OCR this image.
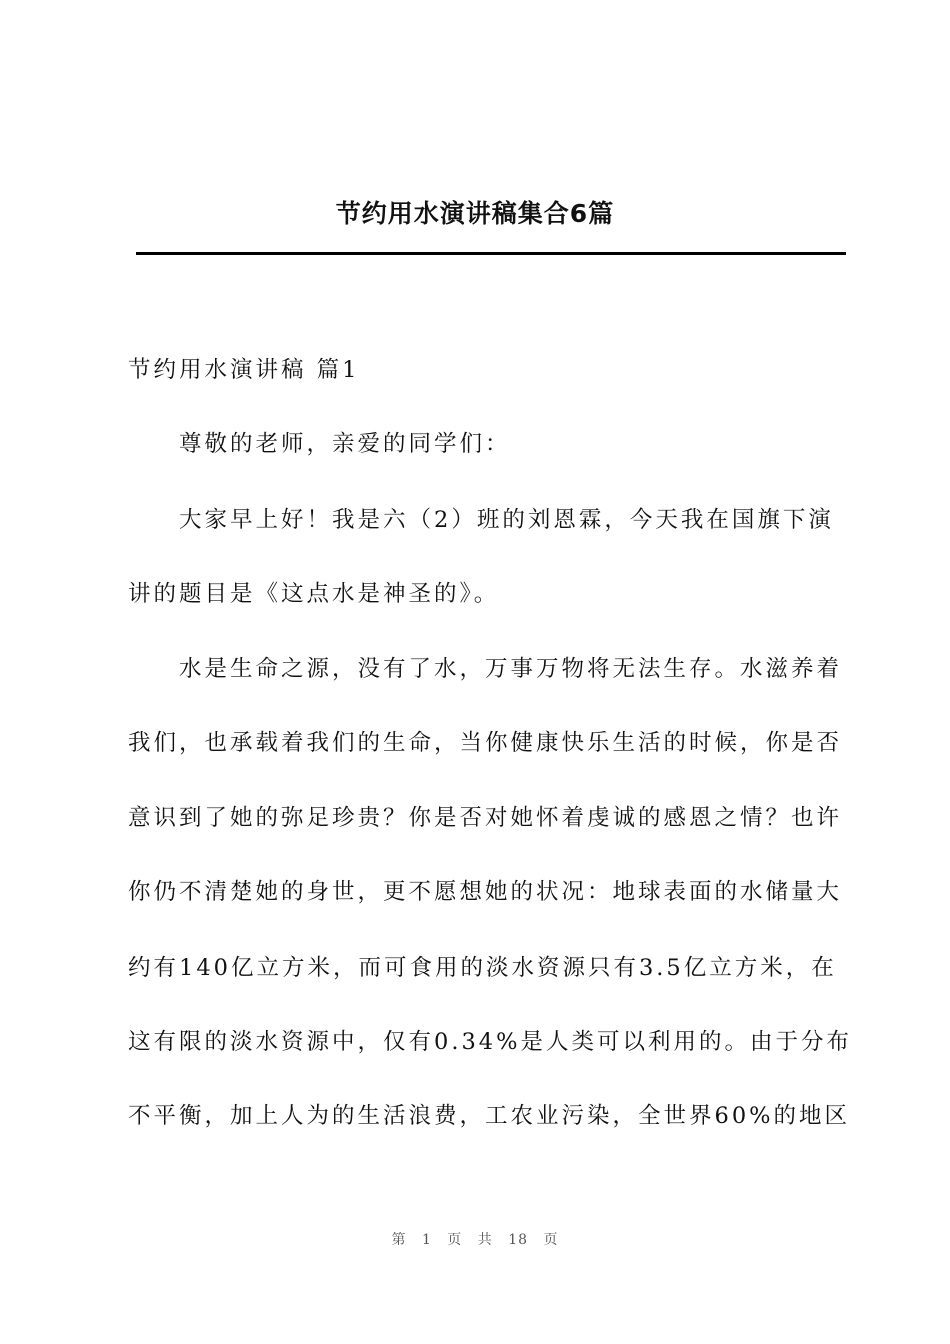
节约用水演讲稿集合6篇
节约用水演讲稿 篇1
尊敬的老师，亲爱的同学们：
大家早上好！我是六（2）班的刘恩霖，今天我在国旗下演
讲的题目是《这点水是神圣的》。
水是生命之源，没有了水，万事万物将无法生存。水滋养着
我们，也承载着我们的生命，当你健康快乐生活的时候，你是否
意识到了她的弥足珍贵？你是否对她怀着虔诚的感恩之情？也许
你仍不清楚她的身世，更不愿想她的状况：地球表面的水储量大
约有140亿立方米，而可食用的淡水资源只有3.5亿立方米，在
这有限的淡水资源中，仅有0.34%是人类可以利用的。由于分布
不平衡，加上人为的生活浪费，工农业污染，全世界60%的地区
第 1 页 共 18 页
